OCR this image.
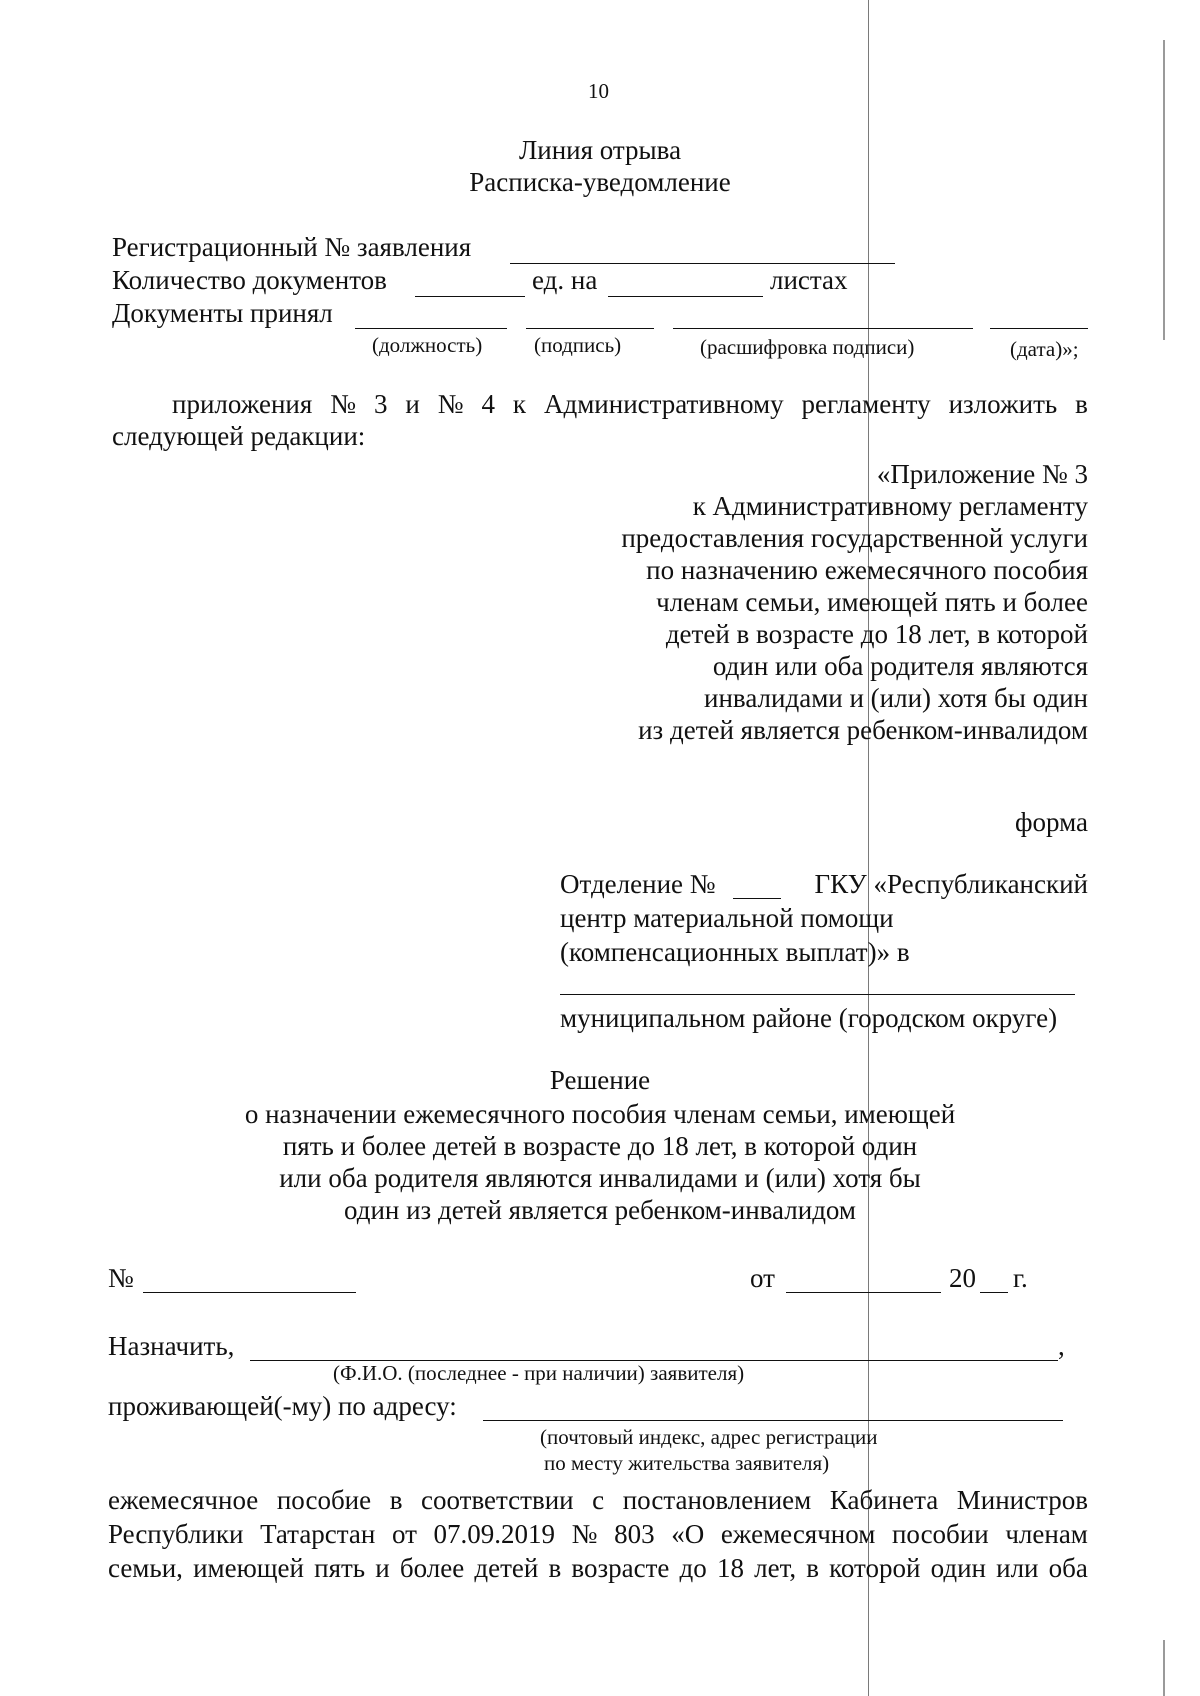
10
Линия отрыва
Расписка-уведомление
Регистрационный № заявления
Количество документов	ед. на	листах
Документы принял
(должность) (подпись)	(расшифровка подписи)	(дата)»;
приложения № 3 и № 4 к Административному регламенту изложить в
следующей редакции:
«Приложение № 3
к Административному регламенту
предоставления государственной услуги
по назначению ежемесячного пособия
членам семьи, имеющей пять и более
детей в возрасте до 18 лет, в которой
один или оба родителя являются
инвалидами и (или) хотя бы один
из детей является ребенком-инвалидом
форма
Отделение №	ГКУ «Республиканский
центр материальной помощи
(компенсационных выплат)» в
муниципальном районе (городском округе)
Решение
о назначении ежемесячного пособия членам семьи, имеющей
пять и более детей в возрасте до 18 лет, в которой один
или оба родителя являются инвалидами и (или) хотя бы
один из детей является ребенком-инвалидом
№	от	20 г.
Назначить,	,
(Ф.И.О. (последнее - при наличии) заявителя)
проживающей(-му) по адресу:
(почтовый индекс, адрес регистрации
по месту жительства заявителя)
ежемесячное пособие в соответствии с постановлением Кабинета Министров
Республики Татарстан от 07.09.2019 № 803 «О ежемесячном пособии членам
семьи, имеющей пять и более детей в возрасте до 18 лет, в которой один или оба
